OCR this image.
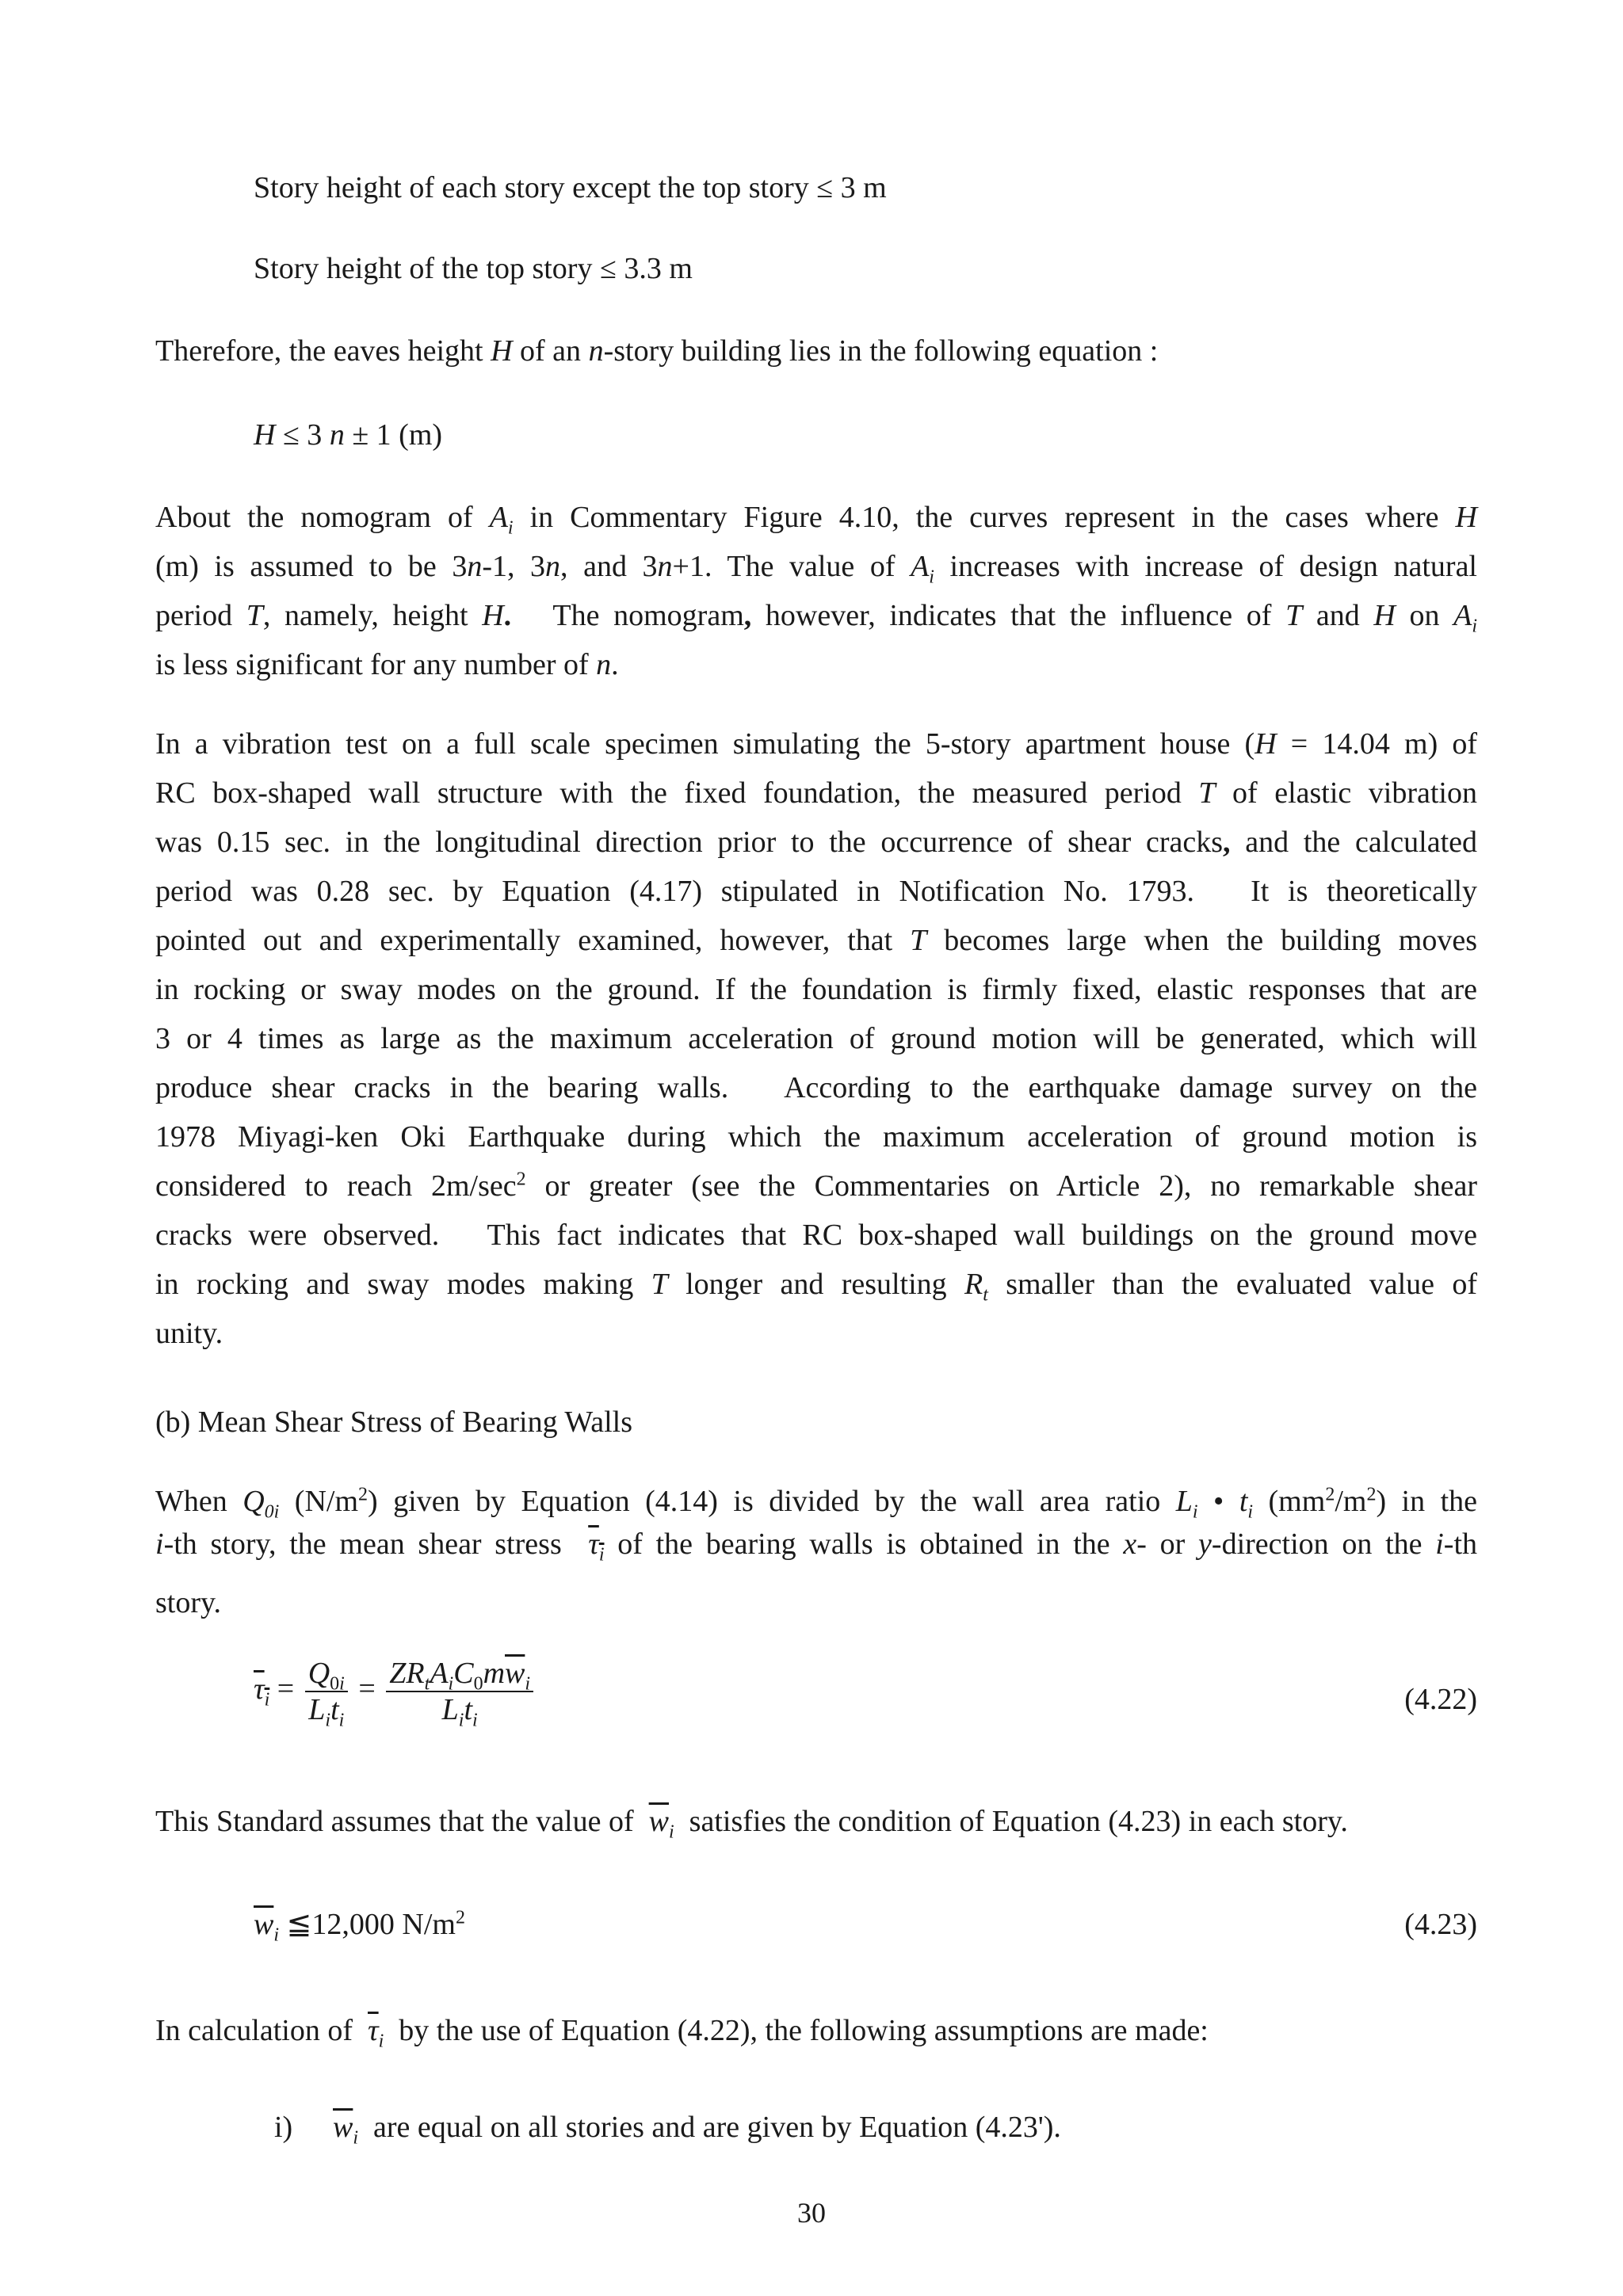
Story height of each story except the top story ≤ 3 m
Story height of the top story ≤ 3.3 m
Therefore, the eaves height H of an n-story building lies in the following equation :
H ≤ 3 n ± 1 (m)
About the nomogram of $A_i$ in Commentary Figure 4.10, the curves represent in the cases where H
(m) is assumed to be 3n-1, 3n, and 3n+1. The value of $A_i$ increases with increase of design natural
period T, namely, height H.   The nomogram, however, indicates that the influence of T and H on $A_i$
is less significant for any number of n.
In a vibration test on a full scale specimen simulating the 5-story apartment house (H = 14.04 m) of
RC box-shaped wall structure with the fixed foundation, the measured period T of elastic vibration
was 0.15 sec. in the longitudinal direction prior to the occurrence of shear cracks, and the calculated
period was 0.28 sec. by Equation (4.17) stipulated in Notification No. 1793.   It is theoretically
pointed out and experimentally examined, however, that T becomes large when the building moves
in rocking or sway modes on the ground. If the foundation is firmly fixed, elastic responses that are
3 or 4 times as large as the maximum acceleration of ground motion will be generated, which will
produce shear cracks in the bearing walls.   According to the earthquake damage survey on the
1978 Miyagi-ken Oki Earthquake during which the maximum acceleration of ground motion is
considered to reach $2m/\sec^2$ or greater (see the Commentaries on Article 2), no remarkable shear
cracks were observed.   This fact indicates that RC box-shaped wall buildings on the ground move
in rocking and sway modes making T longer and resulting $R_t$ smaller than the evaluated value of
unity.
(b) Mean Shear Stress of Bearing Walls
When $Q_{0i}$ $(N/m^2)$ given by Equation (4.14) is divided by the wall area ratio $L_i$ • $t_i$ $(mm^2/m^2)$ in the
i-th story, the mean shear stress  $\tau_i$ of the bearing walls is obtained in the x- or y-direction on the i-th
story.
$\tau_i = \frac{Q_{0i}}{L_it_i} = \frac{ZR_tA_iC_0m\overline{w}_i}{L_it_i}$	(4.22)
This Standard assumes that the value of  $\overline{w}_i$  satisfies the condition of Equation (4.23) in each story.
$\overline{w}_i$ ≦12,000 $N/m^2$	(4.23)
In calculation of  $\overline{\tau}_i$  by the use of Equation (4.22), the following assumptions are made:
i) $\overline{w}_i$  are equal on all stories and are given by Equation (4.23').
30
